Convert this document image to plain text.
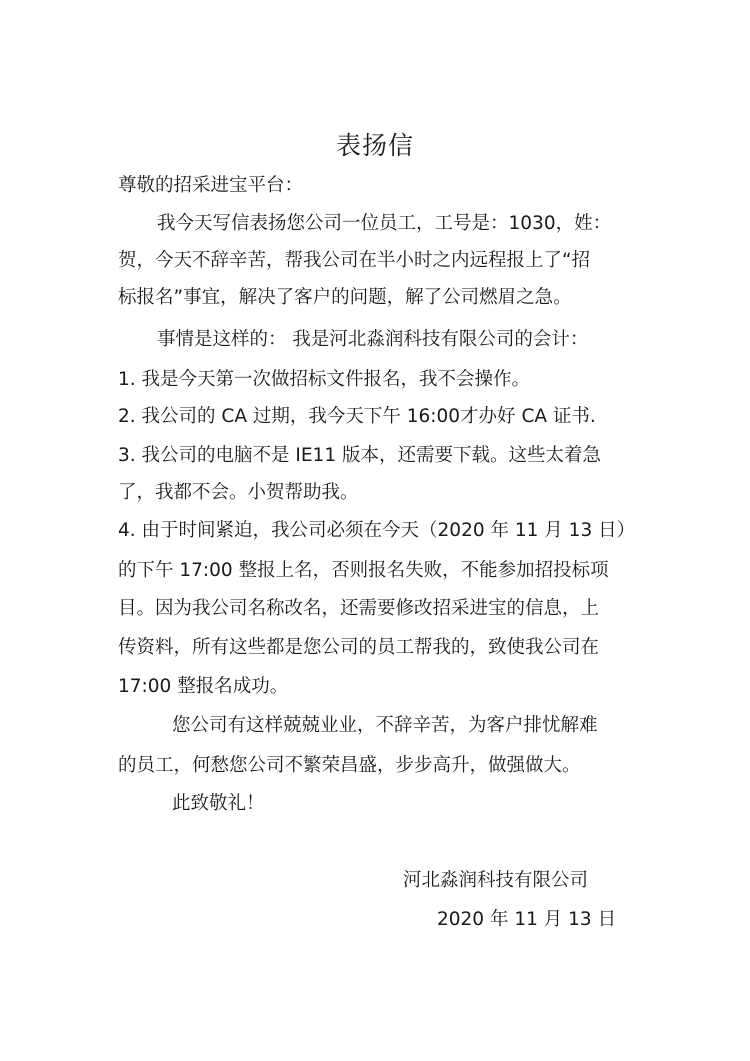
表扬信
尊敬的招采进宝平台：
我今天写信表扬您公司一位员工，工号是：1030，姓：
贺，今天不辞辛苦，帮我公司在半小时之内远程报上了“招
标报名”事宜，解决了客户的问题，解了公司燃眉之急。
事情是这样的： 我是河北淼润科技有限公司的会计：
1. 我是今天第一次做招标文件报名，我不会操作。
2. 我公司的 CA 过期，我今天下午 16:00才办好 CA 证书.
3. 我公司的电脑不是 IE11 版本，还需要下载。这些太着急
了，我都不会。小贺帮助我。
4. 由于时间紧迫，我公司必须在今天（2020 年 11 月 13 日）
的下午 17:00 整报上名，否则报名失败，不能参加招投标项
目。因为我公司名称改名，还需要修改招采进宝的信息，上
传资料，所有这些都是您公司的员工帮我的，致使我公司在
17:00 整报名成功。
您公司有这样兢兢业业，不辞辛苦，为客户排忧解难
的员工，何愁您公司不繁荣昌盛，步步高升，做强做大。
此致敬礼！
河北淼润科技有限公司
2020 年 11 月 13 日
